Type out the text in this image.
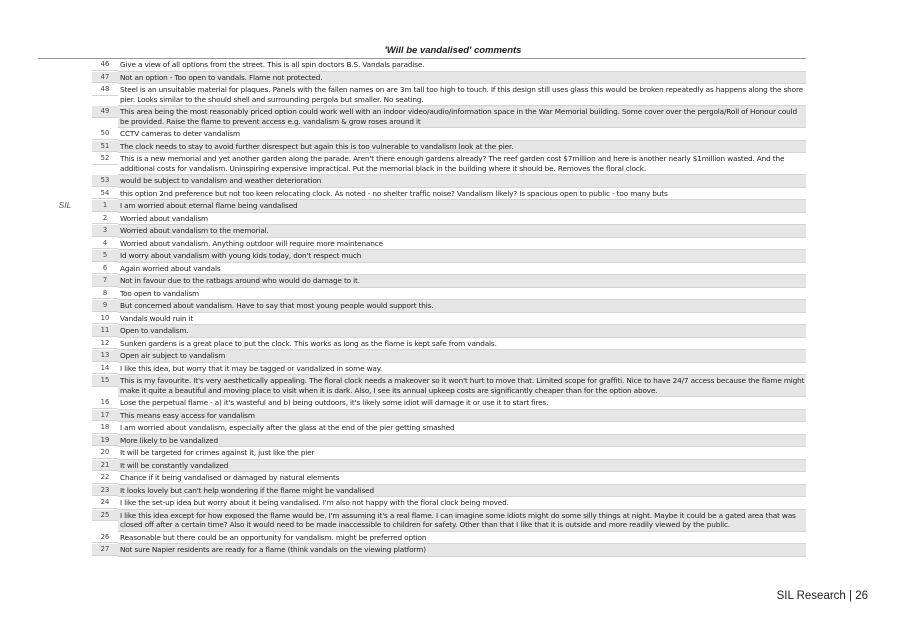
'Will be vandalised' comments
46	Give a view of all options from the street. This is all spin doctors B.S. Vandals paradise.
47	Not an option - Too open to vandals. Flame not protected.
48	Steel is an unsuitable material for plaques. Panels with the fallen names on are 3m tall too high to touch. If this design still uses glass this would be broken repeatedly as happens along the shore pier. Looks similar to the should shell and surrounding pergola but smaller. No seating.
49	This area being the most reasonably priced option could work well with an indoor video/audio/information space in the War Memorial building. Some cover over the pergola/Roll of Honour could be provided. Raise the flame to prevent access e.g. vandalism & grow roses around it
50	CCTV cameras to deter vandalism
51	The clock needs to stay to avoid further disrespect but again this is too vulnerable to vandalism look at the pier.
52	This is a new memorial and yet another garden along the parade. Aren't there enough gardens already? The reef garden cost $7million and here is another nearly $1million wasted. And the additional costs for vandalism. Uninspiring expensive impractical. Put the memorial black in the building where it should be. Removes the floral clock.
53	would be subject to vandalism and weather deterioration
54	this option 2nd preference but not too keen relocating clock. As noted - no shelter traffic noise? Vandalism likely? Is spacious open to public - too many buts
SIL	1	I am worried about eternal flame being vandalised
2	Worried about vandalism
3	Worried about vandalism to the memorial.
4	Worried about vandalism. Anything outdoor will require more maintenance
5	Id worry about vandalism with young kids today, don't respect much
6	Again worried about vandals
7	Not in favour due to the ratbags around who would do damage to it.
8	Too open to vandalism
9	But concerned about vandalism. Have to say that most young people would support this.
10	Vandals would ruin it
11	Open to vandalism.
12	Sunken gardens is a great place to put the clock. This works as long as the flame is kept safe from vandals.
13	Open air subject to vandalism
14	I like this idea, but worry that it may be tagged or vandalized in some way.
15	This is my favourite. It's very aesthetically appealing. The floral clock needs a makeover so it won't hurt to move that. Limited scope for graffiti. Nice to have 24/7 access because the flame might make it quite a beautiful and moving place to visit when it is dark. Also, I see its annual upkeep costs are significantly cheaper than for the option above.
16	Lose the perpetual flame - a) it's wasteful and b) being outdoors, it's likely some idiot will damage it or use it to start fires.
17	This means easy access for vandalism
18	I am worried about vandalism, especially after the glass at the end of the pier getting smashed
19	More likely to be vandalized
20	It will be targeted for crimes against it, just like the pier
21	It will be constantly vandalized
22	Chance if it being vandalised or damaged by natural elements
23	It looks lovely but can't help wondering if the flame might be vandalised
24	I like the set-up idea but worry about it being vandalised. I'm also not happy with the floral clock being moved.
25	I like this idea except for how exposed the flame would be. I'm assuming it's a real flame. I can imagine some idiots might do some silly things at night. Maybe it could be a gated area that was closed off after a certain time? Also it would need to be made inaccessible to children for safety. Other than that I like that it is outside and more readily viewed by the public.
26	Reasonable but there could be an opportunity for vandalism. might be preferred option
27	Not sure Napier residents are ready for a flame (think vandals on the viewing platform)
SIL Research | 26
